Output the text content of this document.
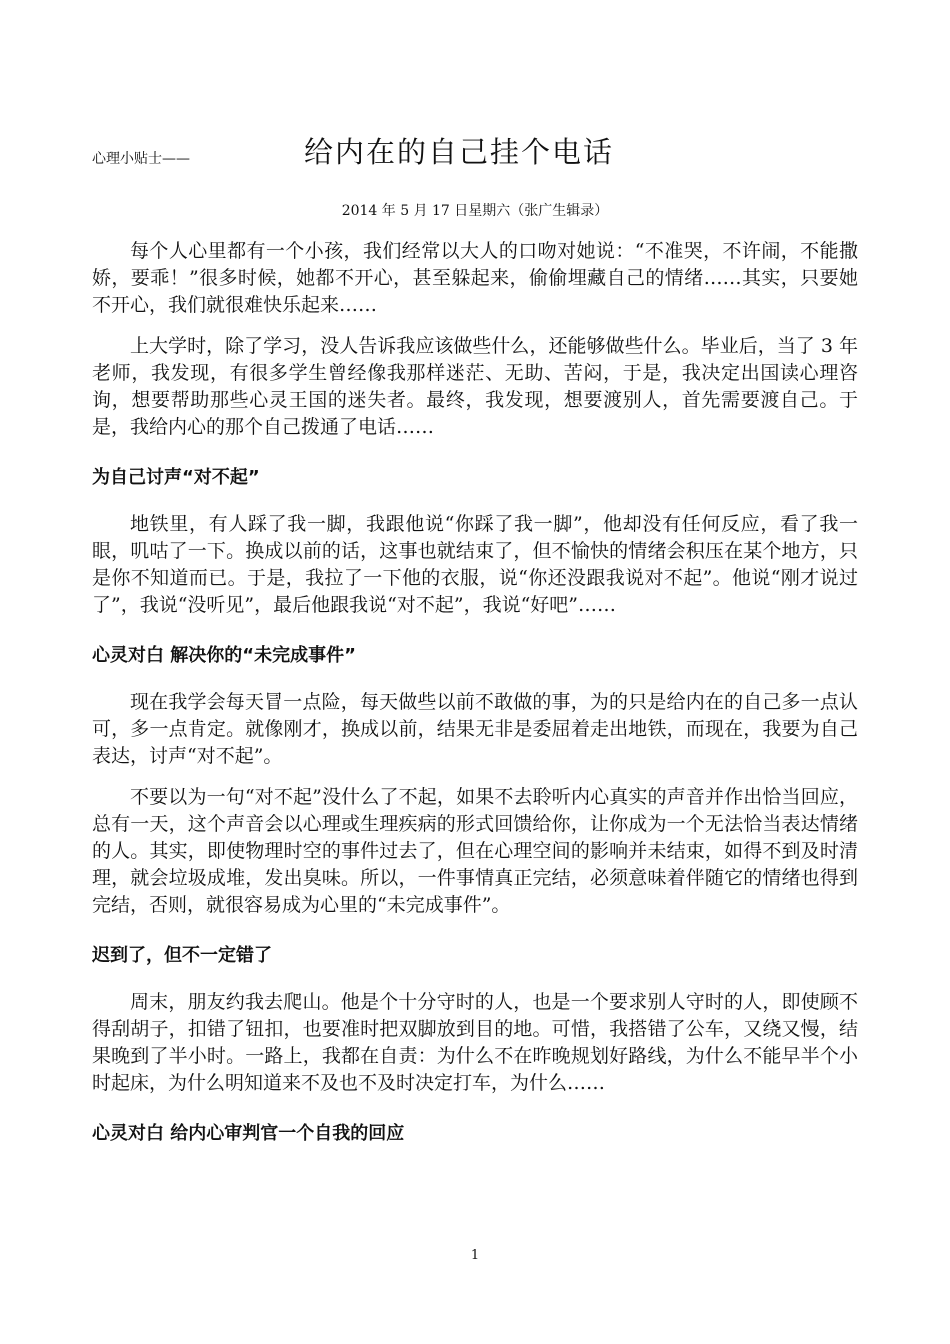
心理小贴士——	给内在的自己挂个电话
2014 年 5 月 17 日星期六（张广生辑录）

每个人心里都有一个小孩，我们经常以大人的口吻对她说：“不准哭，不许闹，不能撒娇，要乖！”很多时候，她都不开心，甚至躲起来，偷偷埋藏自己的情绪……其实，只要她不开心，我们就很难快乐起来……

上大学时，除了学习，没人告诉我应该做些什么，还能够做些什么。毕业后，当了 3 年老师，我发现，有很多学生曾经像我那样迷茫、无助、苦闷，于是，我决定出国读心理咨询，想要帮助那些心灵王国的迷失者。最终，我发现，想要渡别人，首先需要渡自己。于是，我给内心的那个自己拨通了电话……

为自己讨声“对不起”

地铁里，有人踩了我一脚，我跟他说“你踩了我一脚”，他却没有任何反应，看了我一眼，叽咕了一下。换成以前的话，这事也就结束了，但不愉快的情绪会积压在某个地方，只是你不知道而已。于是，我拉了一下他的衣服，说“你还没跟我说对不起”。他说“刚才说过了”，我说“没听见”，最后他跟我说“对不起”，我说“好吧”……

心灵对白 解决你的“未完成事件”

现在我学会每天冒一点险，每天做些以前不敢做的事，为的只是给内在的自己多一点认可，多一点肯定。就像刚才，换成以前，结果无非是委屈着走出地铁，而现在，我要为自己表达，讨声“对不起”。

不要以为一句“对不起”没什么了不起，如果不去聆听内心真实的声音并作出恰当回应，总有一天，这个声音会以心理或生理疾病的形式回馈给你，让你成为一个无法恰当表达情绪的人。其实，即使物理时空的事件过去了，但在心理空间的影响并未结束，如得不到及时清理，就会垃圾成堆，发出臭味。所以，一件事情真正完结，必须意味着伴随它的情绪也得到完结，否则，就很容易成为心里的“未完成事件”。

迟到了，但不一定错了

周末，朋友约我去爬山。他是个十分守时的人，也是一个要求别人守时的人，即使顾不得刮胡子，扣错了钮扣，也要准时把双脚放到目的地。可惜，我搭错了公车，又绕又慢，结果晚到了半小时。一路上，我都在自责：为什么不在昨晚规划好路线，为什么不能早半个小时起床，为什么明知道来不及也不及时决定打车，为什么……

心灵对白 给内心审判官一个自我的回应
1
